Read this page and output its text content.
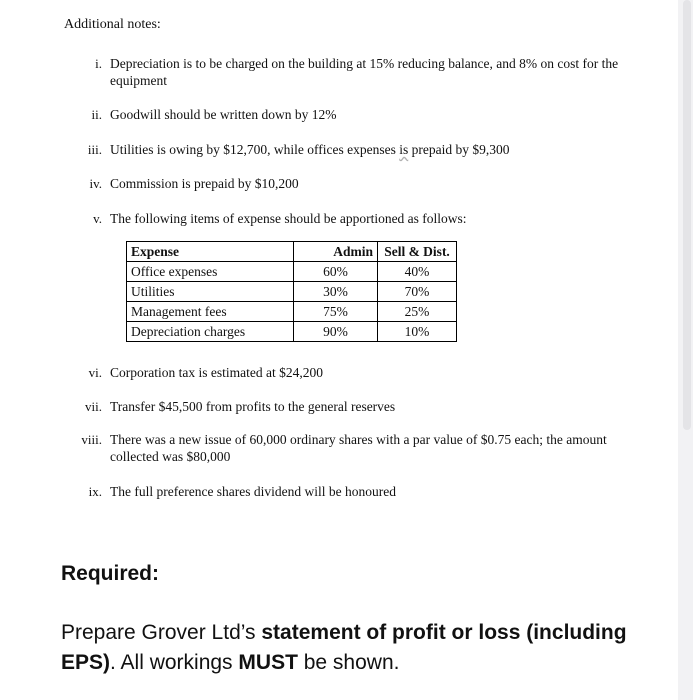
Additional notes:
i. Depreciation is to be charged on the building at 15% reducing balance, and 8% on cost for the equipment
ii. Goodwill should be written down by 12%
iii. Utilities is owing by $12,700, while offices expenses is prepaid by $9,300
iv. Commission is prepaid by $10,200
v. The following items of expense should be apportioned as follows:
Expense	Admin	Sell & Dist.
Office expenses	60%	40%
Utilities	30%	70%
Management fees	75%	25%
Depreciation charges	90%	10%
vi. Corporation tax is estimated at $24,200
vii. Transfer $45,500 from profits to the general reserves
viii. There was a new issue of 60,000 ordinary shares with a par value of $0.75 each; the amount collected was $80,000
ix. The full preference shares dividend will be honoured
Required:
Prepare Grover Ltd’s statement of profit or loss (including EPS). All workings MUST be shown.
